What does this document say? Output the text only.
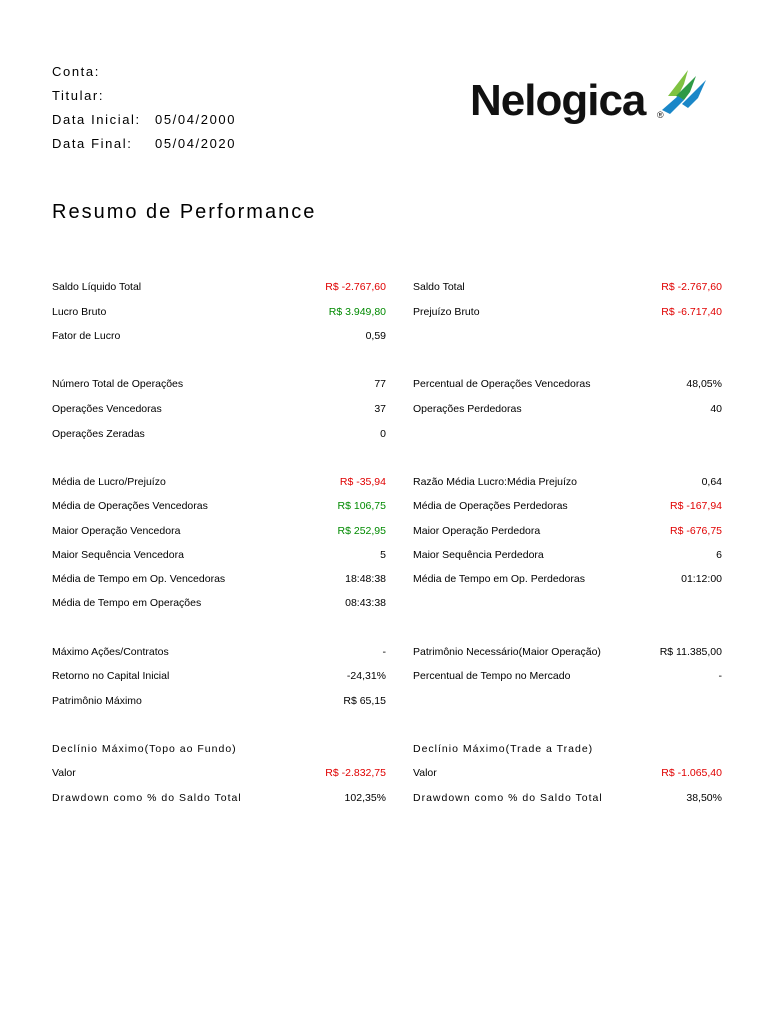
Conta:
Titular:
Data Inicial: 05/04/2000
Data Final: 05/04/2020
Nelogica ®
Resumo de Performance
Saldo Líquido Total	R$ -2.767,60	Saldo Total	R$ -2.767,60
Lucro Bruto	R$ 3.949,80	Prejuízo Bruto	R$ -6.717,40
Fator de Lucro	0,59
Número Total de Operações	77	Percentual de Operações Vencedoras	48,05%
Operações Vencedoras	37	Operações Perdedoras	40
Operações Zeradas	0
Média de Lucro/Prejuízo	R$ -35,94	Razão Média Lucro:Média Prejuízo	0,64
Média de Operações Vencedoras	R$ 106,75	Média de Operações Perdedoras	R$ -167,94
Maior Operação Vencedora	R$ 252,95	Maior Operação Perdedora	R$ -676,75
Maior Sequência Vencedora	5	Maior Sequência Perdedora	6
Média de Tempo em Op. Vencedoras	18:48:38	Média de Tempo em Op. Perdedoras	01:12:00
Média de Tempo em Operações	08:43:38
Máximo Ações/Contratos	-	Patrimônio Necessário(Maior Operação)	R$ 11.385,00
Retorno no Capital Inicial	-24,31%	Percentual de Tempo no Mercado	-
Patrimônio Máximo	R$ 65,15
Declínio Máximo(Topo ao Fundo)	Declínio Máximo(Trade a Trade)
Valor	R$ -2.832,75	Valor	R$ -1.065,40
Drawdown como % do Saldo Total	102,35%	Drawdown como % do Saldo Total	38,50%
